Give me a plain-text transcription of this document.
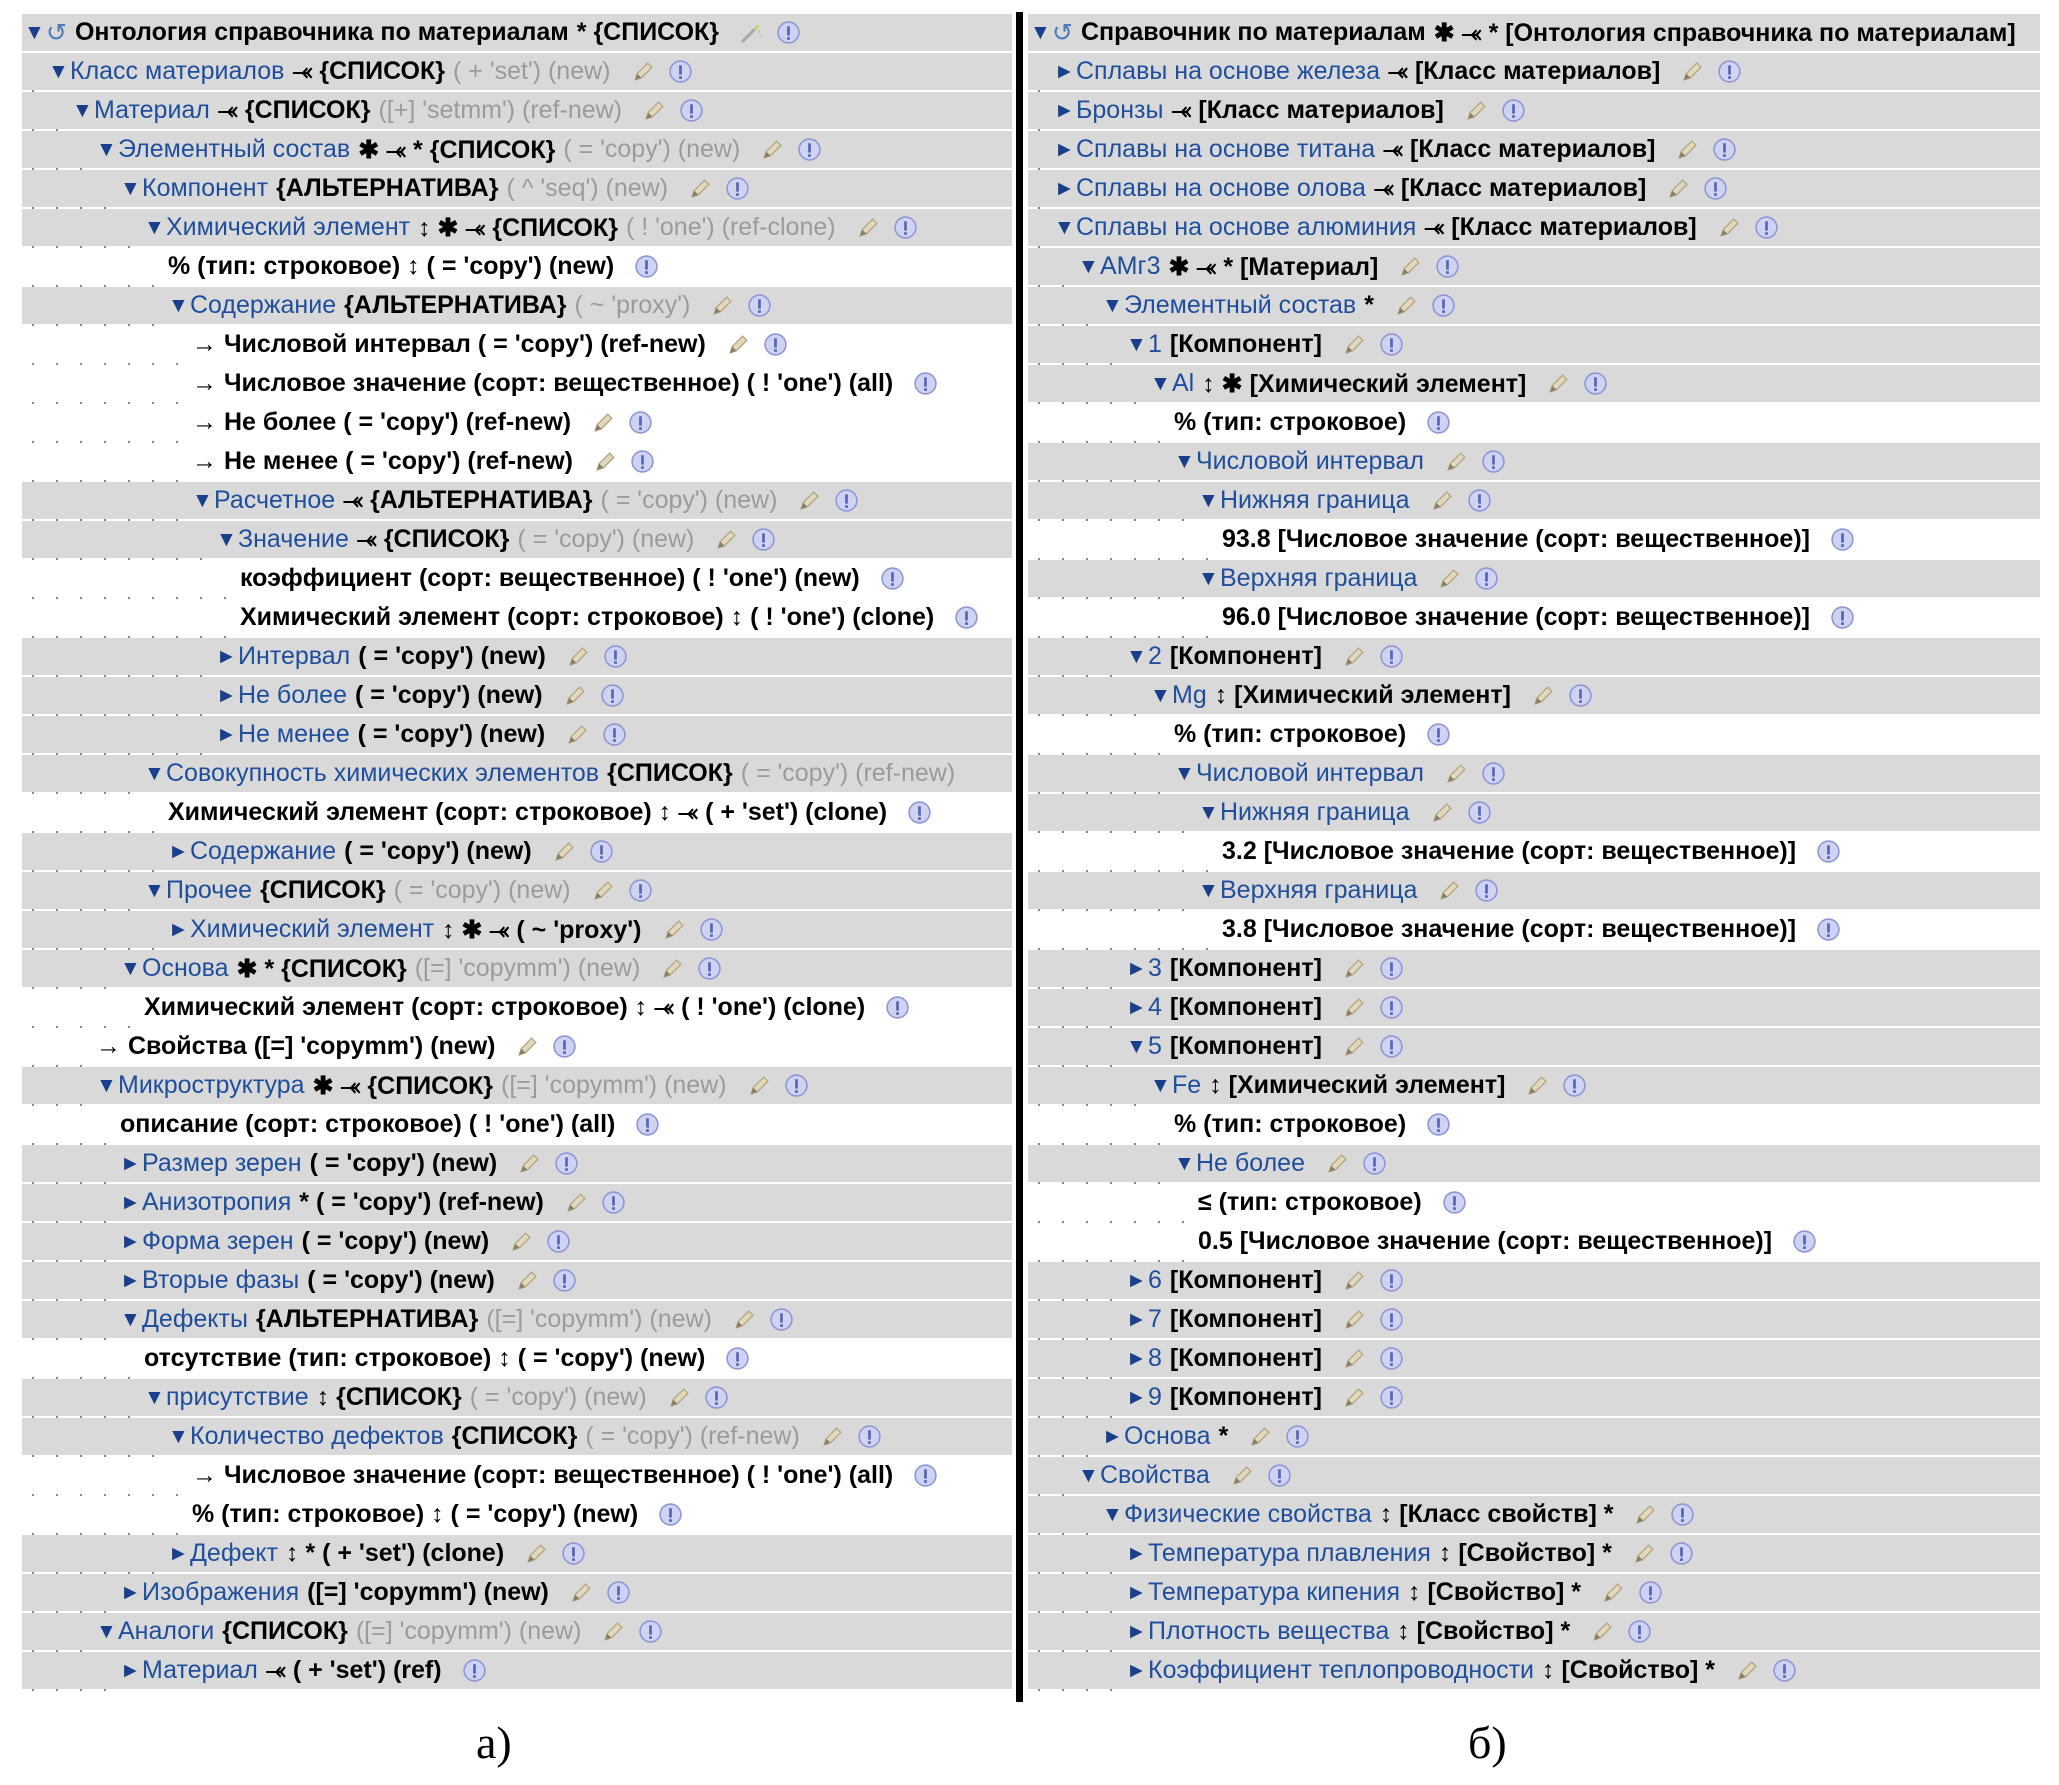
▼ ↺ Онтология справочника по материалам * {СПИСОК}
▼ Класс материалов ⤛ {СПИСОК} ( + 'set') (new)
▼ Материал ⤛ {СПИСОК} ([+] 'setmm') (ref-new)
▼ Элементный состав ✱ ⤛ * {СПИСОК} ( = 'copy') (new)
▼ Компонент {АЛЬТЕРНАТИВА} ( ^ 'seq') (new)
▼ Химический элемент ↕ ✱ ⤛ {СПИСОК} ( ! 'one') (ref-clone)
% (тип: строковое) ↕ ( = 'copy') (new)
▼ Содержание {АЛЬТЕРНАТИВА} ( ~ 'proxy')
→ Числовой интервал ( = 'copy') (ref-new)
→ Числовое значение (сорт: вещественное) ( ! 'one') (all)
→ Не более ( = 'copy') (ref-new)
→ Не менее ( = 'copy') (ref-new)
▼ Расчетное ⤛ {АЛЬТЕРНАТИВА} ( = 'copy') (new)
▼ Значение ⤛ {СПИСОК} ( = 'copy') (new)
коэффициент (сорт: вещественное) ( ! 'one') (new)
Химический элемент (сорт: строковое) ↕ ( ! 'one') (clone)
► Интервал ( = 'copy') (new)
► Не более ( = 'copy') (new)
► Не менее ( = 'copy') (new)
▼ Совокупность химических элементов {СПИСОК} ( = 'copy') (ref-new)
Химический элемент (сорт: строковое) ↕ ⤛ ( + 'set') (clone)
► Содержание ( = 'copy') (new)
▼ Прочее {СПИСОК} ( = 'copy') (new)
► Химический элемент ↕ ✱ ⤛ ( ~ 'proxy')
▼ Основа ✱ * {СПИСОК} ([=] 'copymm') (new)
Химический элемент (сорт: строковое) ↕ ⤛ ( ! 'one') (clone)
→ Свойства ([=] 'copymm') (new)
▼ Микроструктура ✱ ⤛ {СПИСОК} ([=] 'copymm') (new)
описание (сорт: строковое) ( ! 'one') (all)
► Размер зерен ( = 'copy') (new)
► Анизотропия * ( = 'copy') (ref-new)
► Форма зерен ( = 'copy') (new)
► Вторые фазы ( = 'copy') (new)
▼ Дефекты {АЛЬТЕРНАТИВА} ([=] 'copymm') (new)
отсутствие (тип: строковое) ↕ ( = 'copy') (new)
▼ присутствие ↕ {СПИСОК} ( = 'copy') (new)
▼ Количество дефектов {СПИСОК} ( = 'copy') (ref-new)
→ Числовое значение (сорт: вещественное) ( ! 'one') (all)
% (тип: строковое) ↕ ( = 'copy') (new)
► Дефект ↕ * ( + 'set') (clone)
► Изображения ([=] 'copymm') (new)
▼ Аналоги {СПИСОК} ([=] 'copymm') (new)
► Материал ⤛ ( + 'set') (ref)
▼ ↺ Справочник по материалам ✱ ⤛ * [Онтология справочника по материалам]
► Сплавы на основе железа ⤛ [Класс материалов]
► Бронзы ⤛ [Класс материалов]
► Сплавы на основе титана ⤛ [Класс материалов]
► Сплавы на основе олова ⤛ [Класс материалов]
▼ Сплавы на основе алюминия ⤛ [Класс материалов]
▼ АМг3 ✱ ⤛ * [Материал]
▼ Элементный состав *
▼ 1 [Компонент]
▼ Al ↕ ✱ [Химический элемент]
% (тип: строковое)
▼ Числовой интервал
▼ Нижняя граница
93.8 [Числовое значение (сорт: вещественное)]
▼ Верхняя граница
96.0 [Числовое значение (сорт: вещественное)]
▼ 2 [Компонент]
▼ Mg ↕ [Химический элемент]
% (тип: строковое)
▼ Числовой интервал
▼ Нижняя граница
3.2 [Числовое значение (сорт: вещественное)]
▼ Верхняя граница
3.8 [Числовое значение (сорт: вещественное)]
► 3 [Компонент]
► 4 [Компонент]
▼ 5 [Компонент]
▼ Fe ↕ [Химический элемент]
% (тип: строковое)
▼ Не более
≤ (тип: строковое)
0.5 [Числовое значение (сорт: вещественное)]
► 6 [Компонент]
► 7 [Компонент]
► 8 [Компонент]
► 9 [Компонент]
► Основа *
▼ Свойства
▼ Физические свойства ↕ [Класс свойств] *
► Температура плавления ↕ [Свойство] *
► Температура кипения ↕ [Свойство] *
► Плотность вещества ↕ [Свойство] *
► Коэффициент теплопроводности ↕ [Свойство] *
а)	б)
